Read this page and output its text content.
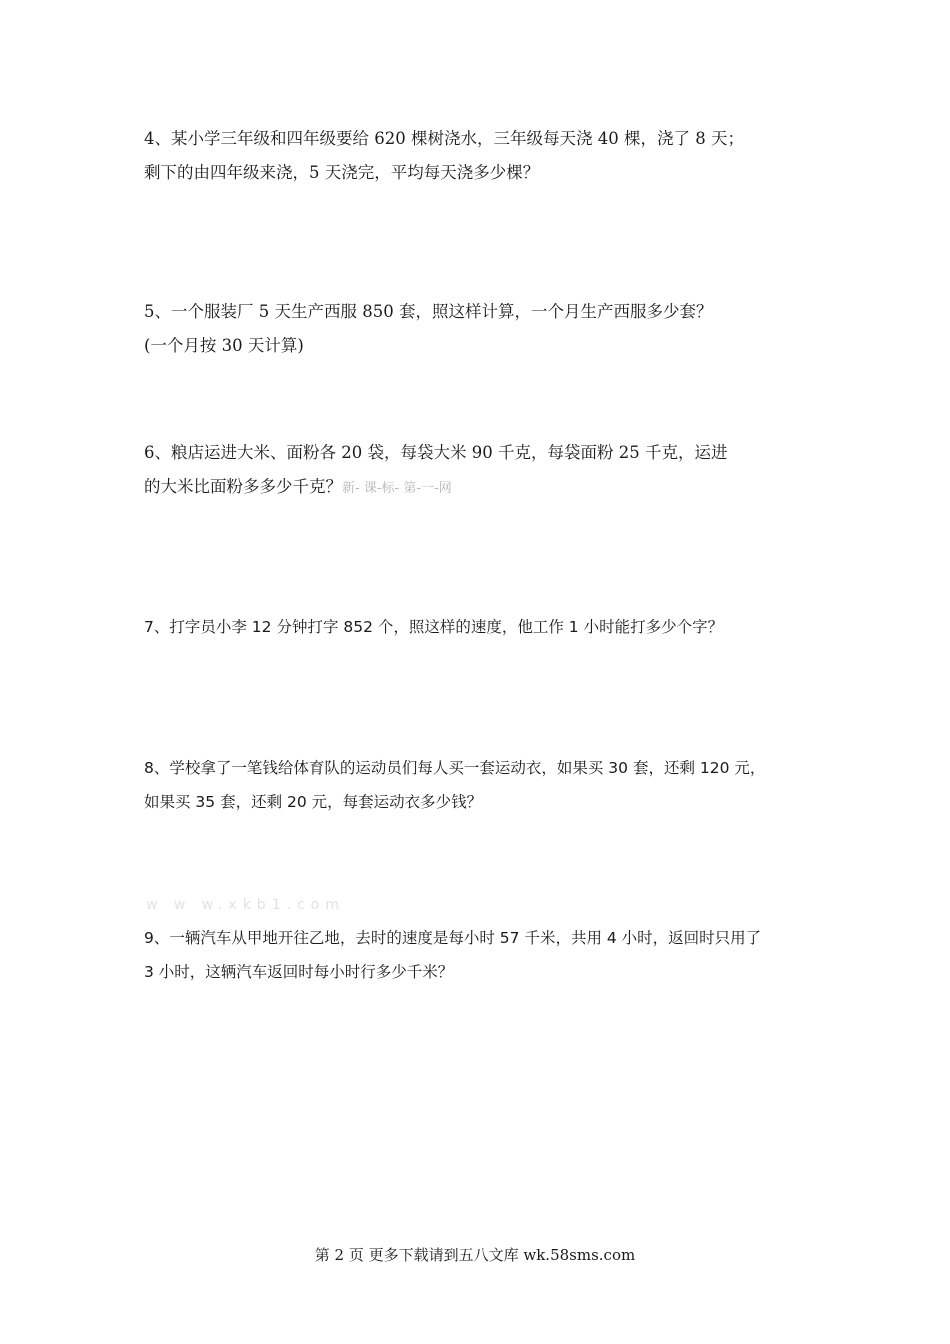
4、某小学三年级和四年级要给 620 棵树浇水，三年级每天浇 40 棵，浇了 8 天；
剩下的由四年级来浇，5 天浇完，平均每天浇多少棵？
5、一个服装厂 5 天生产西服 850 套，照这样计算，一个月生产西服多少套？
(一个月按 30 天计算)
6、粮店运进大米、面粉各 20 袋，每袋大米 90 千克，每袋面粉 25 千克，运进
的大米比面粉多多少千克？新- 课-标- 第-一-网
7、打字员小李 12 分钟打字 852 个，照这样的速度，他工作 1 小时能打多少个字？
8、学校拿了一笔钱给体育队的运动员们每人买一套运动衣，如果买 30 套，还剩 120 元，
如果买 35 套，还剩 20 元，每套运动衣多少钱？
w w w.xkb1.com
9、一辆汽车从甲地开往乙地，去时的速度是每小时 57 千米，共用 4 小时，返回时只用了
3 小时，这辆汽车返回时每小时行多少千米？
第 2 页 更多下载请到五八文库 wk.58sms.com
